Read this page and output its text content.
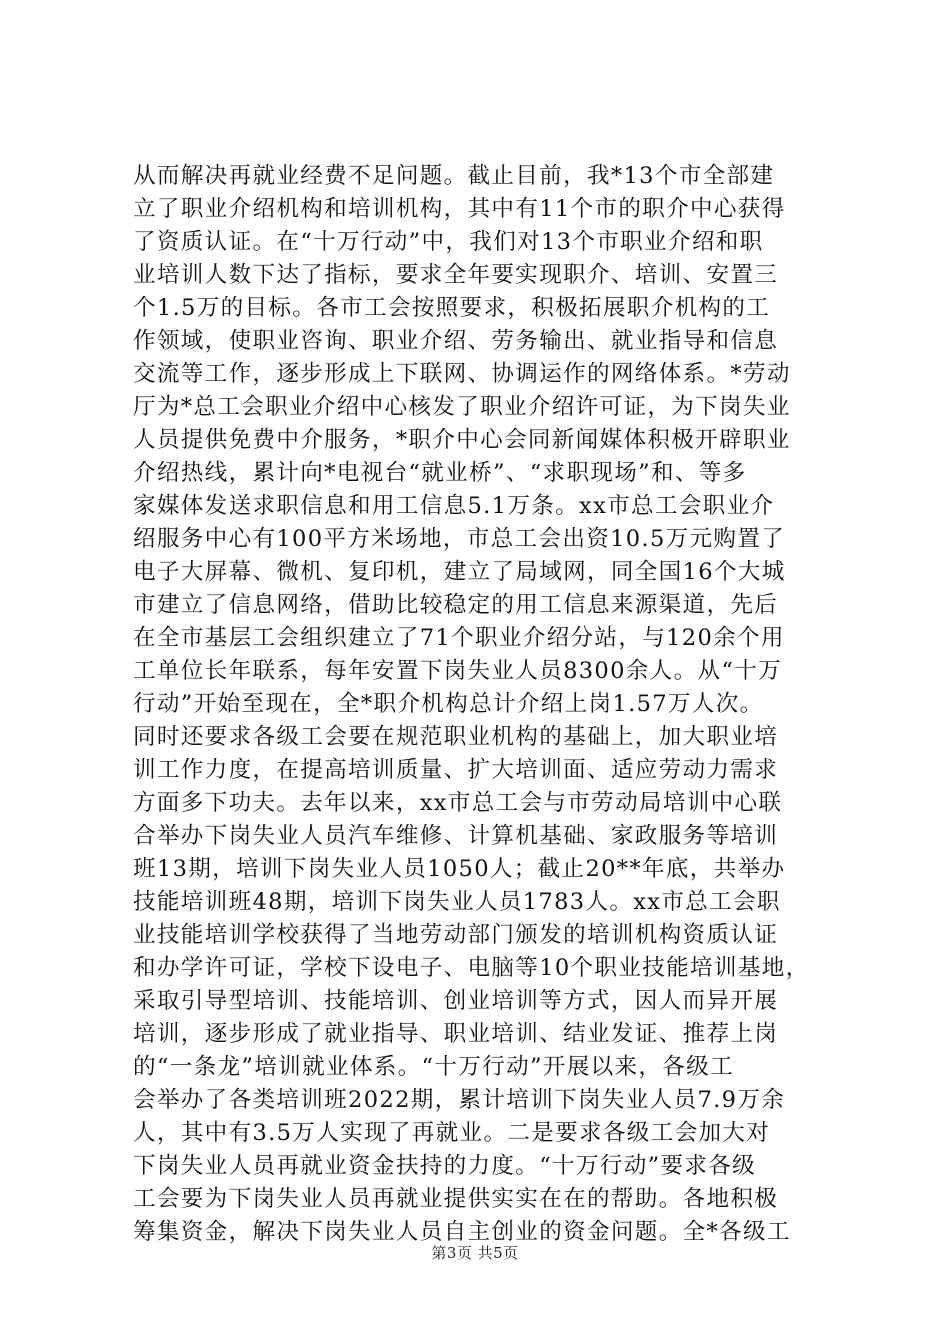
从而解决再就业经费不足问题。截止目前，我*13个市全部建
立了职业介绍机构和培训机构，其中有11个市的职介中心获得
了资质认证。在“十万行动”中，我们对13个市职业介绍和职
业培训人数下达了指标，要求全年要实现职介、培训、安置三
个1.5万的目标。各市工会按照要求，积极拓展职介机构的工
作领域，使职业咨询、职业介绍、劳务输出、就业指导和信息
交流等工作，逐步形成上下联网、协调运作的网络体系。*劳动
厅为*总工会职业介绍中心核发了职业介绍许可证，为下岗失业
人员提供免费中介服务，*职介中心会同新闻媒体积极开辟职业
介绍热线，累计向*电视台“就业桥”、“求职现场”和、等多
家媒体发送求职信息和用工信息5.1万条。xx市总工会职业介
绍服务中心有100平方米场地，市总工会出资10.5万元购置了
电子大屏幕、微机、复印机，建立了局域网，同全国16个大城
市建立了信息网络，借助比较稳定的用工信息来源渠道，先后
在全市基层工会组织建立了71个职业介绍分站，与120余个用
工单位长年联系，每年安置下岗失业人员8300余人。从“十万
行动”开始至现在，全*职介机构总计介绍上岗1.57万人次。
同时还要求各级工会要在规范职业机构的基础上，加大职业培
训工作力度，在提高培训质量、扩大培训面、适应劳动力需求
方面多下功夫。去年以来，xx市总工会与市劳动局培训中心联
合举办下岗失业人员汽车维修、计算机基础、家政服务等培训
班13期，培训下岗失业人员1050人；截止20**年底，共举办
技能培训班48期，培训下岗失业人员1783人。xx市总工会职
业技能培训学校获得了当地劳动部门颁发的培训机构资质认证
和办学许可证，学校下设电子、电脑等10个职业技能培训基地，
采取引导型培训、技能培训、创业培训等方式，因人而异开展
培训，逐步形成了就业指导、职业培训、结业发证、推荐上岗
的“一条龙”培训就业体系。“十万行动”开展以来，各级工
会举办了各类培训班2022期，累计培训下岗失业人员7.9万余
人，其中有3.5万人实现了再就业。二是要求各级工会加大对
下岗失业人员再就业资金扶持的力度。“十万行动”要求各级
工会要为下岗失业人员再就业提供实实在在的帮助。各地积极
筹集资金，解决下岗失业人员自主创业的资金问题。全*各级工
第3页 共5页
